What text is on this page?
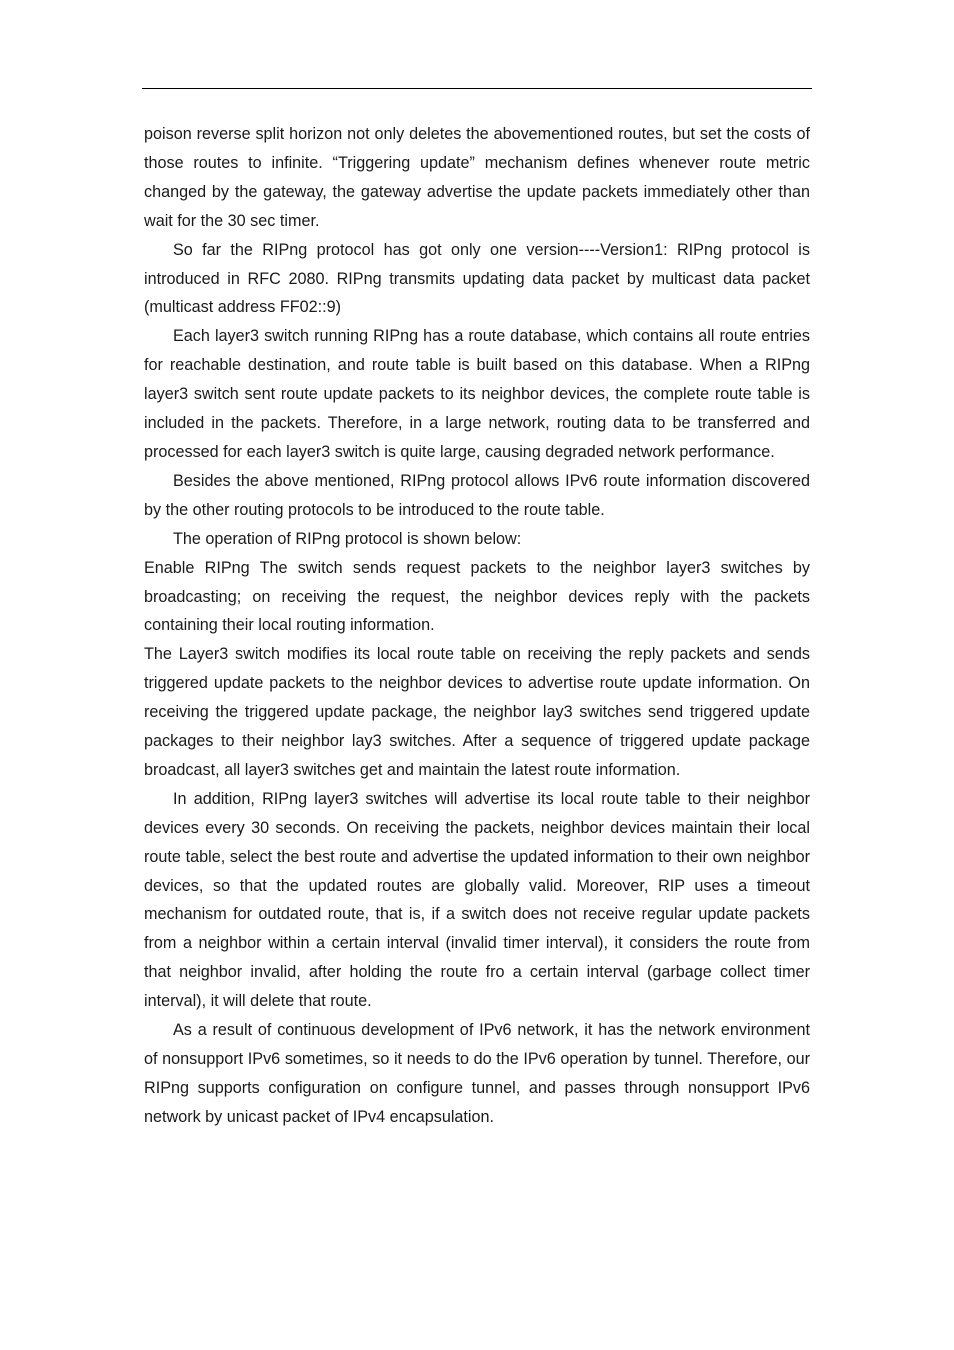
poison reverse split horizon not only deletes the abovementioned routes, but set the costs of those routes to infinite. “Triggering update” mechanism defines whenever route metric changed by the gateway, the gateway advertise the update packets immediately other than wait for the 30 sec timer.

So far the RIPng protocol has got only one version----Version1: RIPng protocol is introduced in RFC 2080. RIPng transmits updating data packet by multicast data packet (multicast address FF02::9)

Each layer3 switch running RIPng has a route database, which contains all route entries for reachable destination, and route table is built based on this database. When a RIPng layer3 switch sent route update packets to its neighbor devices, the complete route table is included in the packets. Therefore, in a large network, routing data to be transferred and processed for each layer3 switch is quite large, causing degraded network performance.

Besides the above mentioned, RIPng protocol allows IPv6 route information discovered by the other routing protocols to be introduced to the route table.

The operation of RIPng protocol is shown below:

Enable RIPng The switch sends request packets to the neighbor layer3 switches by broadcasting; on receiving the request, the neighbor devices reply with the packets containing their local routing information.

The Layer3 switch modifies its local route table on receiving the reply packets and sends triggered update packets to the neighbor devices to advertise route update information. On receiving the triggered update package, the neighbor lay3 switches send triggered update packages to their neighbor lay3 switches. After a sequence of triggered update package broadcast, all layer3 switches get and maintain the latest route information.

In addition, RIPng layer3 switches will advertise its local route table to their neighbor devices every 30 seconds. On receiving the packets, neighbor devices maintain their local route table, select the best route and advertise the updated information to their own neighbor devices, so that the updated routes are globally valid. Moreover, RIP uses a timeout mechanism for outdated route, that is, if a switch does not receive regular update packets from a neighbor within a certain interval (invalid timer interval), it considers the route from that neighbor invalid, after holding the route fro a certain interval (garbage collect timer interval), it will delete that route.

As a result of continuous development of IPv6 network, it has the network environment of nonsupport IPv6 sometimes, so it needs to do the IPv6 operation by tunnel. Therefore, our RIPng supports configuration on configure tunnel, and passes through nonsupport IPv6 network by unicast packet of IPv4 encapsulation.
